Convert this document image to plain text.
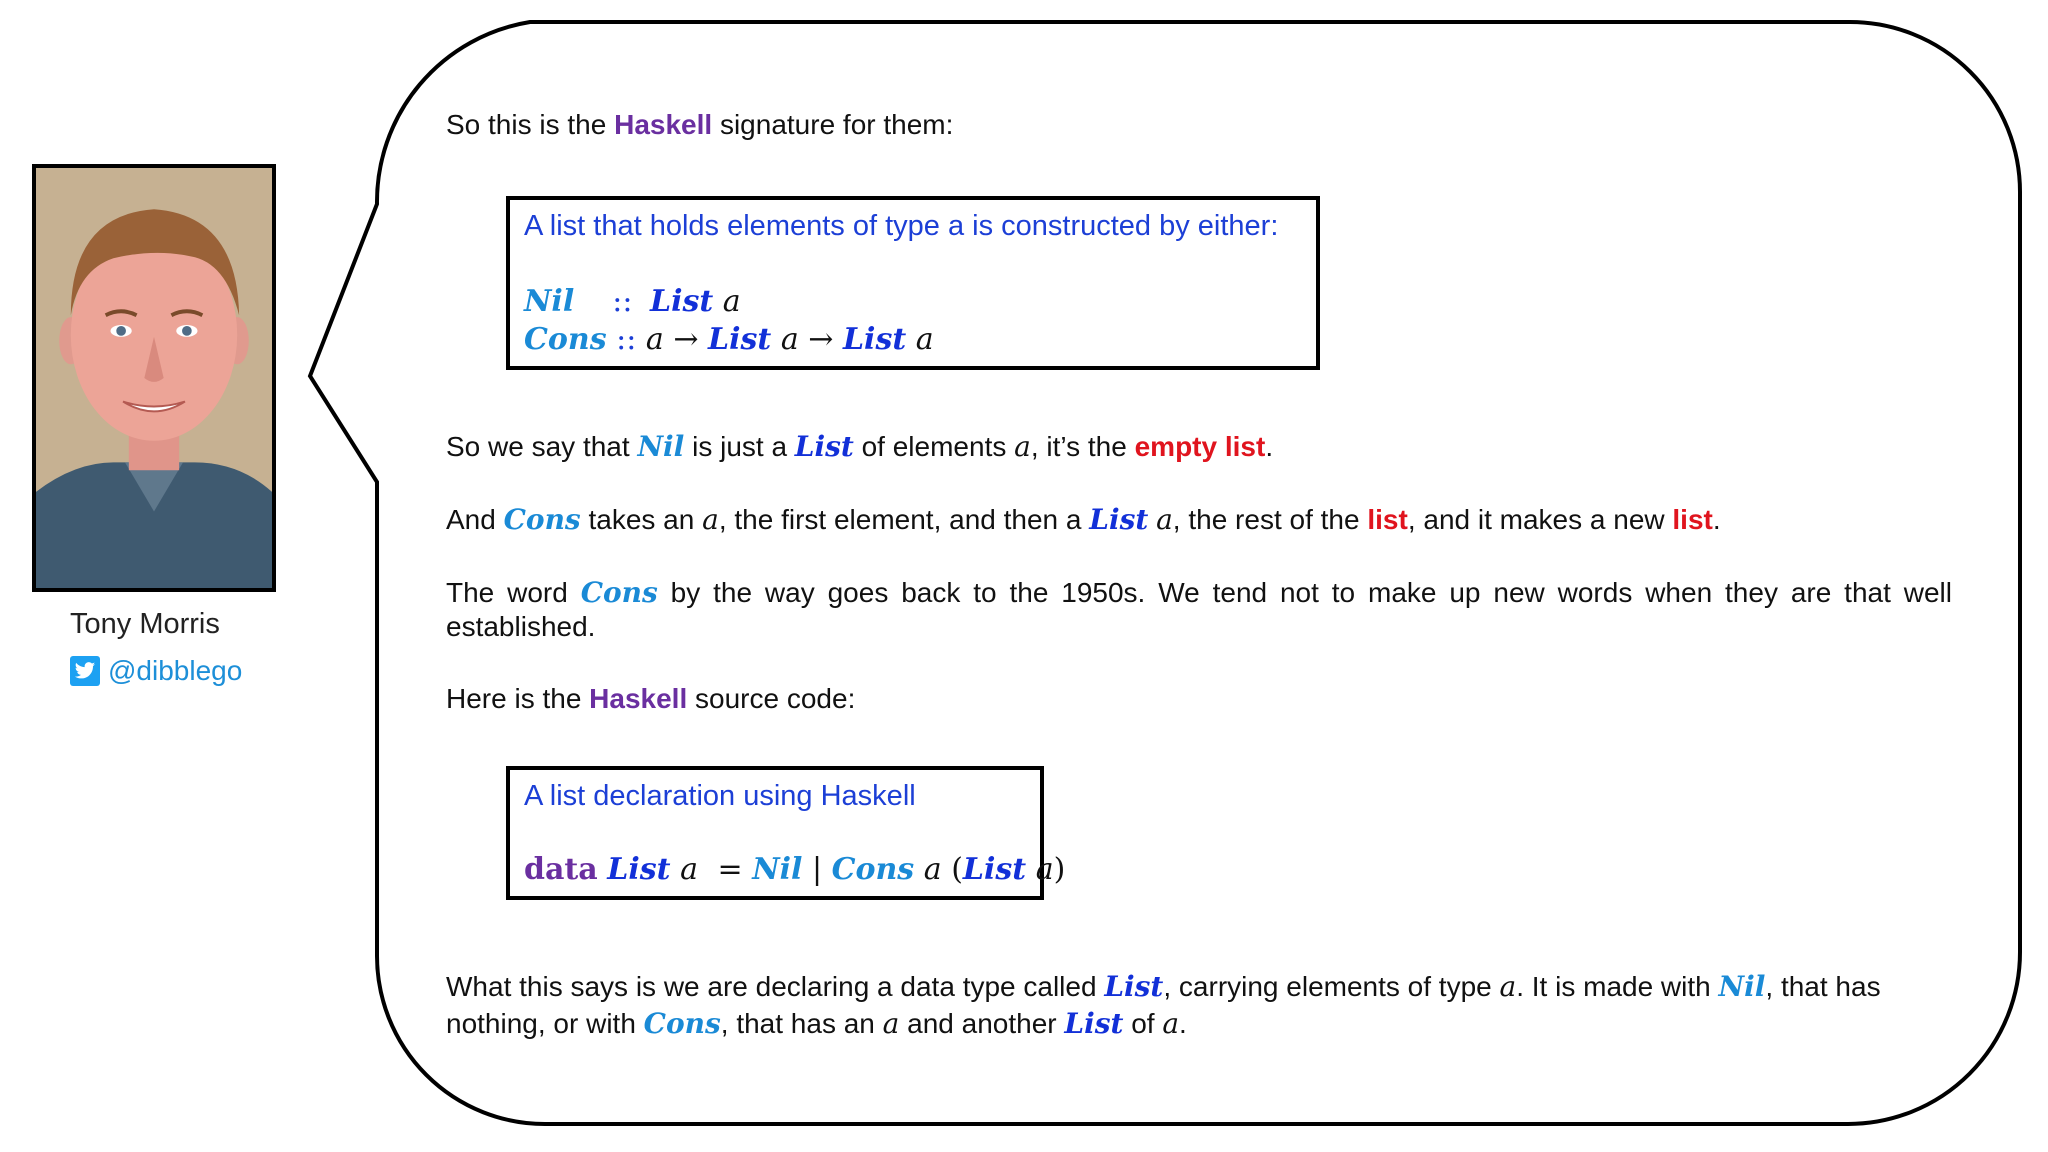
Tony Morris
@dibblego
So this is the Haskell signature for them:
A list that holds elements of type a is constructed by either:
Nil :: List a
Cons :: a → List a → List a
So we say that Nil is just a List of elements a, it’s the empty list.
And Cons takes an a, the first element, and then a List a, the rest of the list, and it makes a new list.
The word Cons by the way goes back to the 1950s. We tend not to make up new words when they are that well established.
Here is the Haskell source code:
A list declaration using Haskell
data List a = Nil | Cons a (List a)
What this says is we are declaring a data type called List, carrying elements of type a. It is made with Nil, that has nothing, or with Cons, that has an a and another List of a.
